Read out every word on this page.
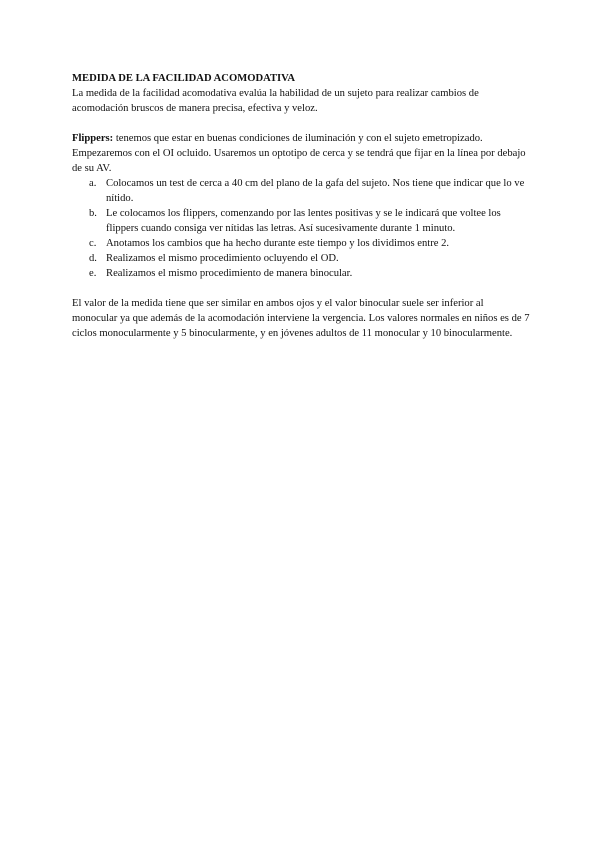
MEDIDA DE LA FACILIDAD ACOMODATIVA

La medida de la facilidad acomodativa evalúa la habilidad de un sujeto para realizar cambios de acomodación bruscos de manera precisa, efectiva y veloz.

Flippers: tenemos que estar en buenas condiciones de iluminación y con el sujeto emetropizado. Empezaremos con el OI ocluido. Usaremos un optotipo de cerca y se tendrá que fijar en la línea por debajo de su AV.

a. Colocamos un test de cerca a 40 cm del plano de la gafa del sujeto. Nos tiene que indicar que lo ve nítido.
b. Le colocamos los flippers, comenzando por las lentes positivas y se le indicará que voltee los flippers cuando consiga ver nítidas las letras. Así sucesivamente durante 1 minuto.
c. Anotamos los cambios que ha hecho durante este tiempo y los dividimos entre 2.
d. Realizamos el mismo procedimiento ocluyendo el OD.
e. Realizamos el mismo procedimiento de manera binocular.

El valor de la medida tiene que ser similar en ambos ojos y el valor binocular suele ser inferior al monocular ya que además de la acomodación interviene la vergencia. Los valores normales en niños es de 7 ciclos monocularmente y 5 binocularmente, y en jóvenes adultos de 11 monocular y 10 binocularmente.
